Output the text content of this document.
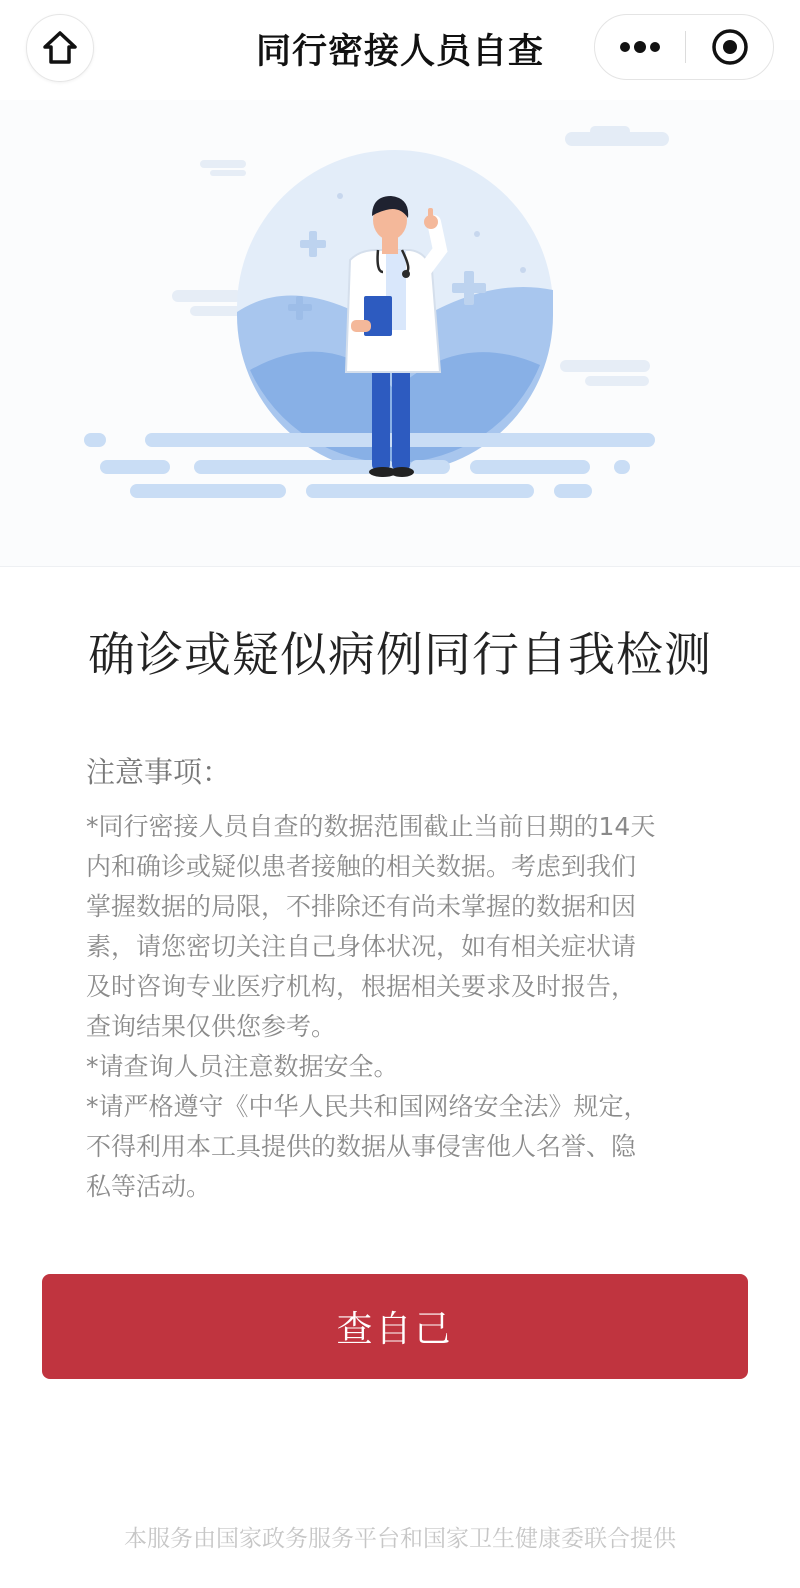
同行密接人员自查
确诊或疑似病例同行自我检测
注意事项：
*同行密接人员自查的数据范围截止当前日期的14天
内和确诊或疑似患者接触的相关数据。考虑到我们
掌握数据的局限，不排除还有尚未掌握的数据和因
素，请您密切关注自己身体状况，如有相关症状请
及时咨询专业医疗机构，根据相关要求及时报告，
查询结果仅供您参考。
*请查询人员注意数据安全。
*请严格遵守《中华人民共和国网络安全法》规定，
不得利用本工具提供的数据从事侵害他人名誉、隐
私等活动。
查自己
本服务由国家政务服务平台和国家卫生健康委联合提供
